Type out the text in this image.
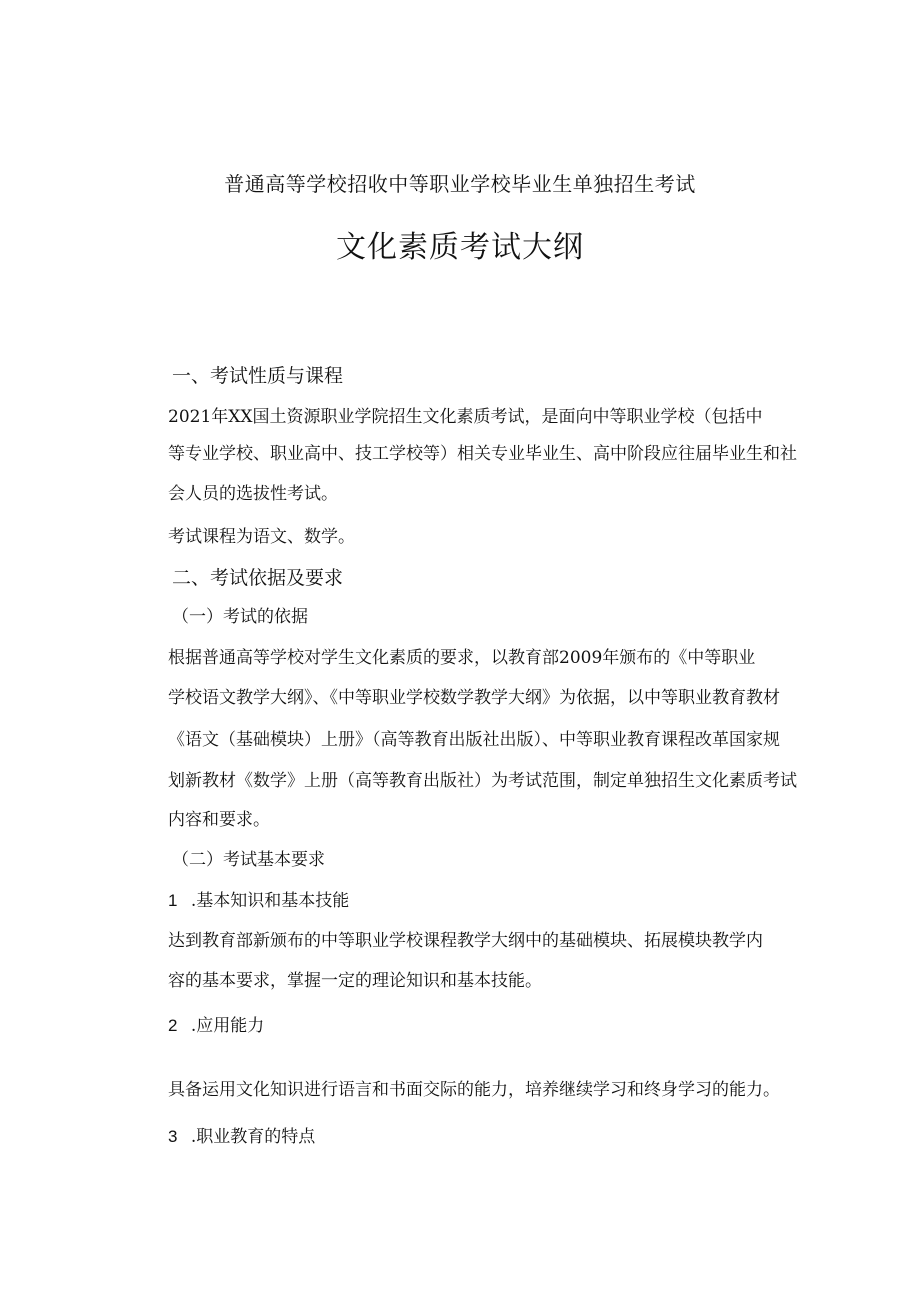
普通高等学校招收中等职业学校毕业生单独招生考试
文化素质考试大纲
一、考试性质与课程
2021年XX国土资源职业学院招生文化素质考试，是面向中等职业学校（包括中
等专业学校、职业高中、技工学校等）相关专业毕业生、高中阶段应往届毕业生和社
会人员的选拔性考试。
考试课程为语文、数学。
二、考试依据及要求
（一）考试的依据
根据普通高等学校对学生文化素质的要求，以教育部2009年颁布的《中等职业
学校语文教学大纲》、《中等职业学校数学教学大纲》为依据，以中等职业教育教材
《语文（基础模块）上册》（高等教育出版社出版）、中等职业教育课程改革国家规
划新教材《数学》上册（高等教育出版社）为考试范围，制定单独招生文化素质考试
内容和要求。
（二）考试基本要求
1 .基本知识和基本技能
达到教育部新颁布的中等职业学校课程教学大纲中的基础模块、拓展模块教学内
容的基本要求，掌握一定的理论知识和基本技能。
2 .应用能力
具备运用文化知识进行语言和书面交际的能力，培养继续学习和终身学习的能力。
3 .职业教育的特点
